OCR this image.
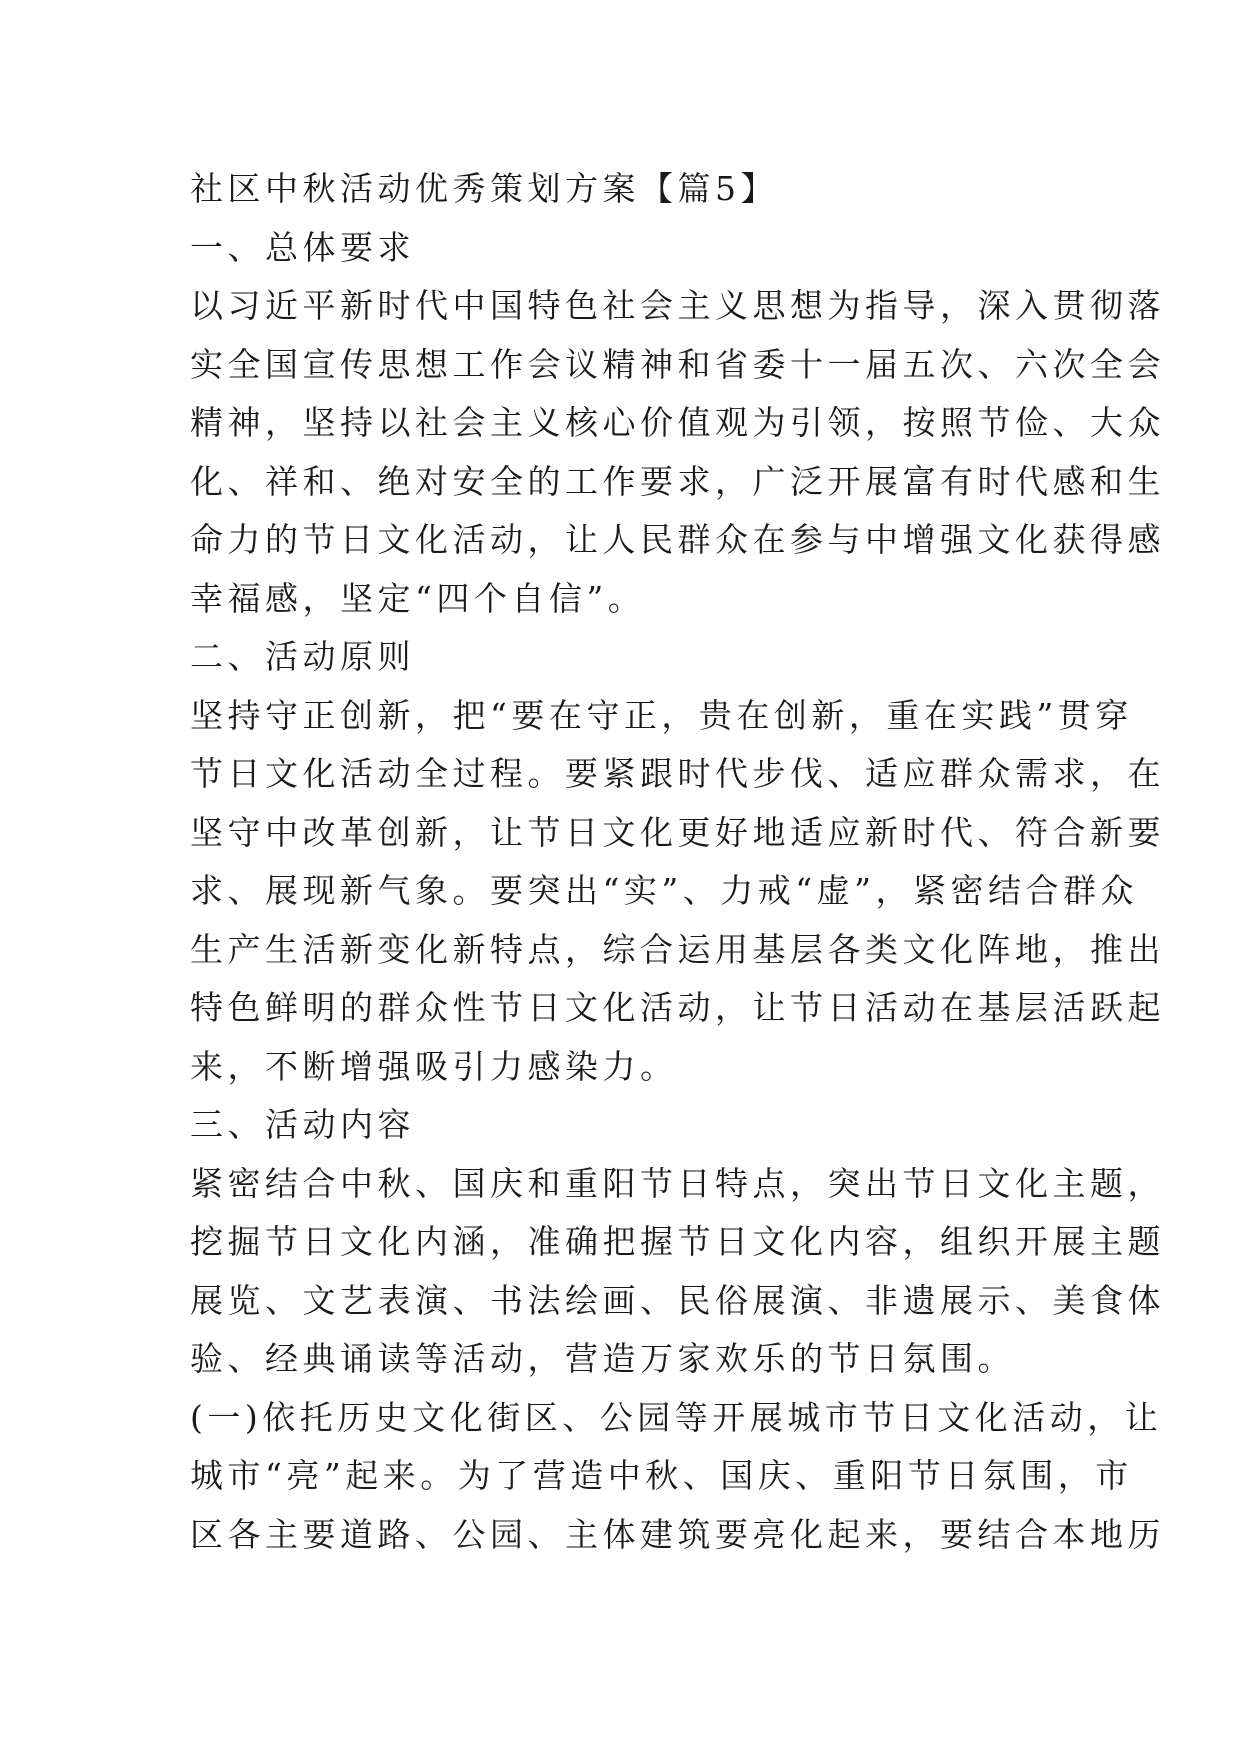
社区中秋活动优秀策划方案【篇5】
一、总体要求
以习近平新时代中国特色社会主义思想为指导，深入贯彻落
实全国宣传思想工作会议精神和省委十一届五次、六次全会
精神，坚持以社会主义核心价值观为引领，按照节俭、大众
化、祥和、绝对安全的工作要求，广泛开展富有时代感和生
命力的节日文化活动，让人民群众在参与中增强文化获得感
幸福感，坚定“四个自信”。
二、活动原则
坚持守正创新，把“要在守正，贵在创新，重在实践”贯穿
节日文化活动全过程。要紧跟时代步伐、适应群众需求，在
坚守中改革创新，让节日文化更好地适应新时代、符合新要
求、展现新气象。要突出“实”、力戒“虚”，紧密结合群众
生产生活新变化新特点，综合运用基层各类文化阵地，推出
特色鲜明的群众性节日文化活动，让节日活动在基层活跃起
来，不断增强吸引力感染力。
三、活动内容
紧密结合中秋、国庆和重阳节日特点，突出节日文化主题，
挖掘节日文化内涵，准确把握节日文化内容，组织开展主题
展览、文艺表演、书法绘画、民俗展演、非遗展示、美食体
验、经典诵读等活动，营造万家欢乐的节日氛围。
(一)依托历史文化街区、公园等开展城市节日文化活动，让
城市“亮”起来。为了营造中秋、国庆、重阳节日氛围，市
区各主要道路、公园、主体建筑要亮化起来，要结合本地历
